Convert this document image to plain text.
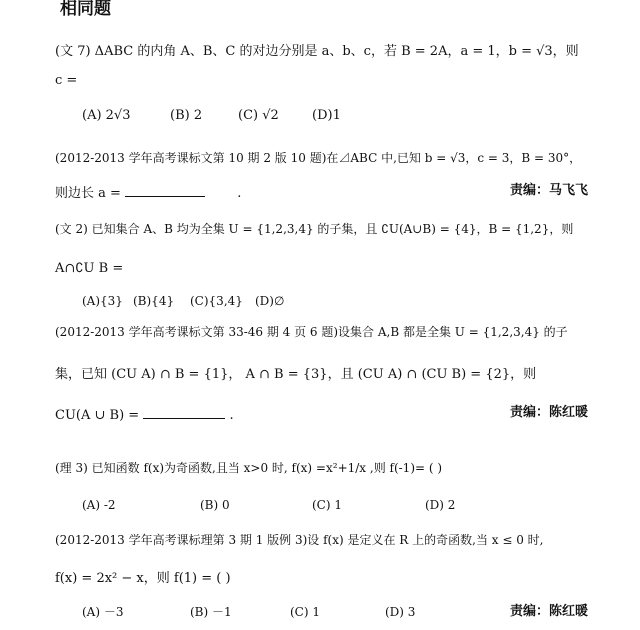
相同题
(文 7) ΔABC 的内角 A、B、C 的对边分别是 a、b、c，若 B = 2A，a = 1，b = √3，则
c =
(A) 2√3	(B) 2	(C) √2	(D)1
(2012-2013 学年高考课标文第 10 期 2 版 10 题)在⊿ABC 中,已知 b = √3，c = 3，B = 30°，
则边长 a =	.	责编：马飞飞
(文 2) 已知集合 A、B 均为全集 U = {1,2,3,4} 的子集，且 ∁U(A∪B) = {4}，B = {1,2}，则
A∩∁U B =
(A){3} (B){4} (C){3,4} (D)∅
(2012-2013 学年高考课标文第 33-46 期 4 页 6 题)设集合 A,B 都是全集 U = {1,2,3,4} 的子
集，已知 (CU A) ∩ B = {1}， A ∩ B = {3}，且 (CU A) ∩ (CU B) = {2}，则
CU(A ∪ B) =	.	责编：陈红暖
(理 3) 已知函数 f(x)为奇函数,且当 x>0 时, f(x) =x²+1/x ,则 f(-1)= ( )
(A) -2	(B) 0	(C) 1	(D) 2
(2012-2013 学年高考课标理第 3 期 1 版例 3)设 f(x) 是定义在 R 上的奇函数,当 x ≤ 0 时,
f(x) = 2x² − x，则 f(1) = ( )
(A) －3	(B) －1	(C) 1	(D) 3	责编：陈红暖
